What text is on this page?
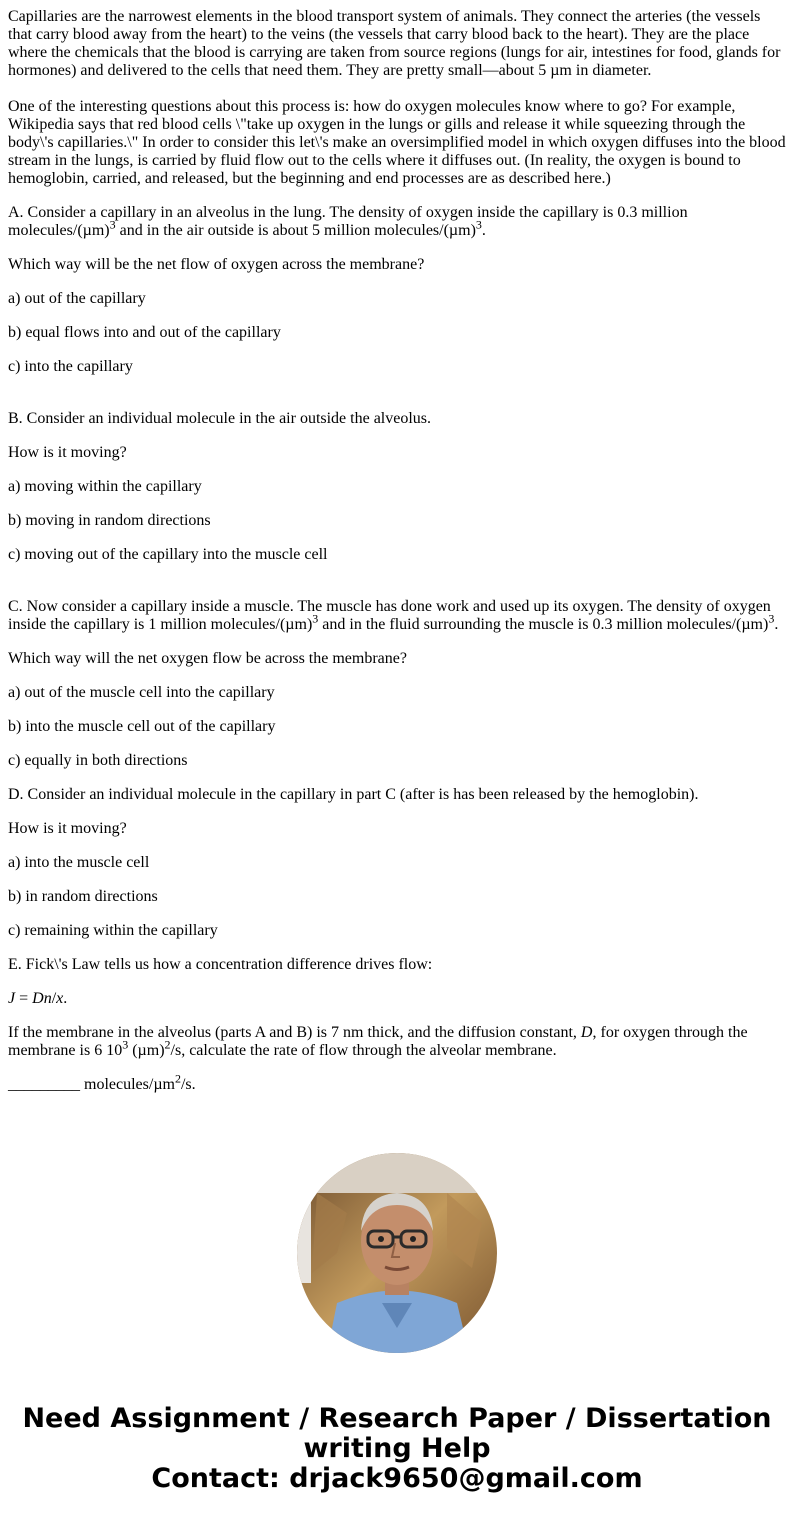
Capillaries are the narrowest elements in the blood transport system of animals. They connect the arteries (the vessels that carry blood away from the heart) to the veins (the vessels that carry blood back to the heart). They are the place where the chemicals that the blood is carrying are taken from source regions (lungs for air, intestines for food, glands for hormones) and delivered to the cells that need them. They are pretty small—about 5 µm in diameter.

One of the interesting questions about this process is: how do oxygen molecules know where to go? For example, Wikipedia says that red blood cells \"take up oxygen in the lungs or gills and release it while squeezing through the body\'s capillaries.\" In order to consider this let\'s make an oversimplified model in which oxygen diffuses into the blood stream in the lungs, is carried by fluid flow out to the cells where it diffuses out. (In reality, the oxygen is bound to hemoglobin, carried, and released, but the beginning and end processes are as described here.)

A. Consider a capillary in an alveolus in the lung. The density of oxygen inside the capillary is 0.3 million molecules/$(\mu m)^3$ and in the air outside is about 5 million molecules/$(\mu m)^3$.

Which way will be the net flow of oxygen across the membrane?

a) out of the capillary

b) equal flows into and out of the capillary

c) into the capillary

B. Consider an individual molecule in the air outside the alveolus.

How is it moving?

a) moving within the capillary

b) moving in random directions

c) moving out of the capillary into the muscle cell

C. Now consider a capillary inside a muscle. The muscle has done work and used up its oxygen. The density of oxygen inside the capillary is 1 million molecules/$(\mu m)^3$ and in the fluid surrounding the muscle is 0.3 million molecules/$(\mu m)^3$.

Which way will the net oxygen flow be across the membrane?

a) out of the muscle cell into the capillary

b) into the muscle cell out of the capillary

c) equally in both directions

D. Consider an individual molecule in the capillary in part C (after is has been released by the hemoglobin).

How is it moving?

a) into the muscle cell

b) in random directions

c) remaining within the capillary

E. Fick\'s Law tells us how a concentration difference drives flow:

J = Dn/x.

If the membrane in the alveolus (parts A and B) is 7 nm thick, and the diffusion constant, D, for oxygen through the membrane is 6 $10^3$ $(\mu m)^2/s$, calculate the rate of flow through the alveolar membrane.

_________ molecules/µm$^2$/s.

Need Assignment / Research Paper / Dissertation
writing Help
Contact: drjack9650@gmail.com
